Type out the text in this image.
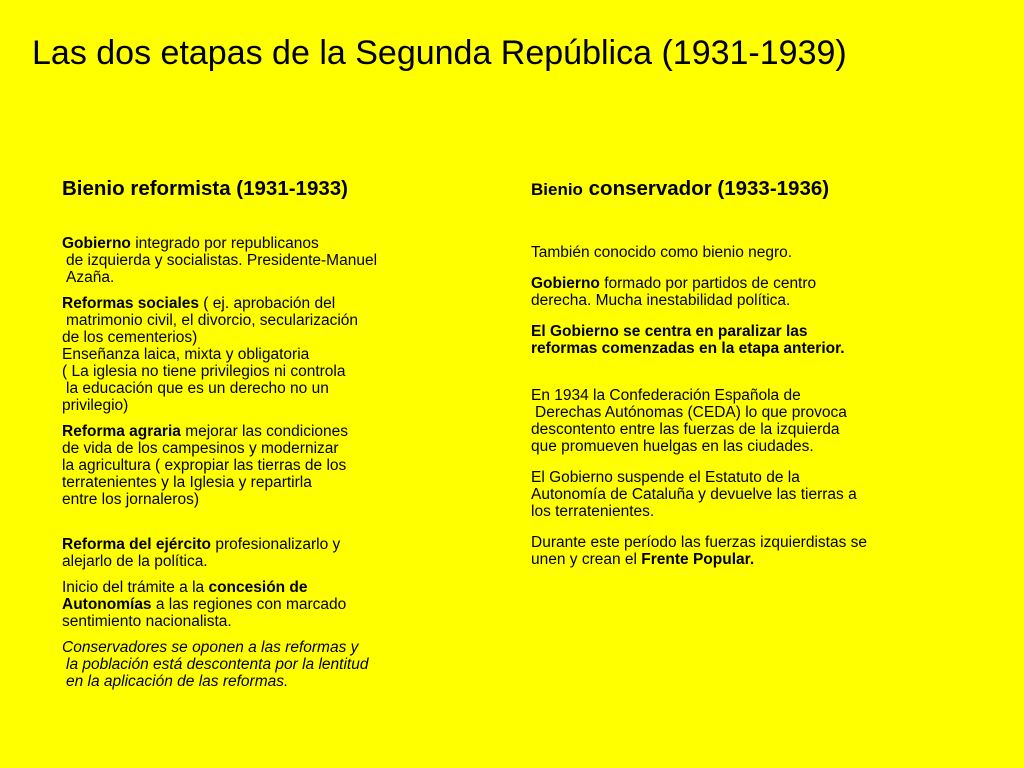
Las dos etapas de la Segunda República (1931-1939)
Bienio reformista (1931-1933)
Gobierno integrado por republicanos
de izquierda y socialistas. Presidente-Manuel
Azaña.
Reformas sociales ( ej. aprobación del
matrimonio civil, el divorcio, secularización
de los cementerios)
Enseñanza laica, mixta y obligatoria
( La iglesia no tiene privilegios ni controla
la educación que es un derecho no un
privilegio)
Reforma agraria mejorar las condiciones
de vida de los campesinos y modernizar
la agricultura ( expropiar las tierras de los
terratenientes y la Iglesia y repartirla
entre los jornaleros)
Reforma del ejército profesionalizarlo y
alejarlo de la política.
Inicio del trámite a la concesión de
Autonomías a las regiones con marcado
sentimiento nacionalista.
Conservadores se oponen a las reformas y
la población está descontenta por la lentitud
en la aplicación de las reformas.
Bienio conservador (1933-1936)
También conocido como bienio negro.
Gobierno formado por partidos de centro
derecha. Mucha inestabilidad política.
El Gobierno se centra en paralizar las
reformas comenzadas en la etapa anterior.
En 1934 la Confederación Española de
Derechas Autónomas (CEDA) lo que provoca
descontento entre las fuerzas de la izquierda
que promueven huelgas en las ciudades.
El Gobierno suspende el Estatuto de la
Autonomía de Cataluña y devuelve las tierras a
los terratenientes.
Durante este período las fuerzas izquierdistas se
unen y crean el Frente Popular.
